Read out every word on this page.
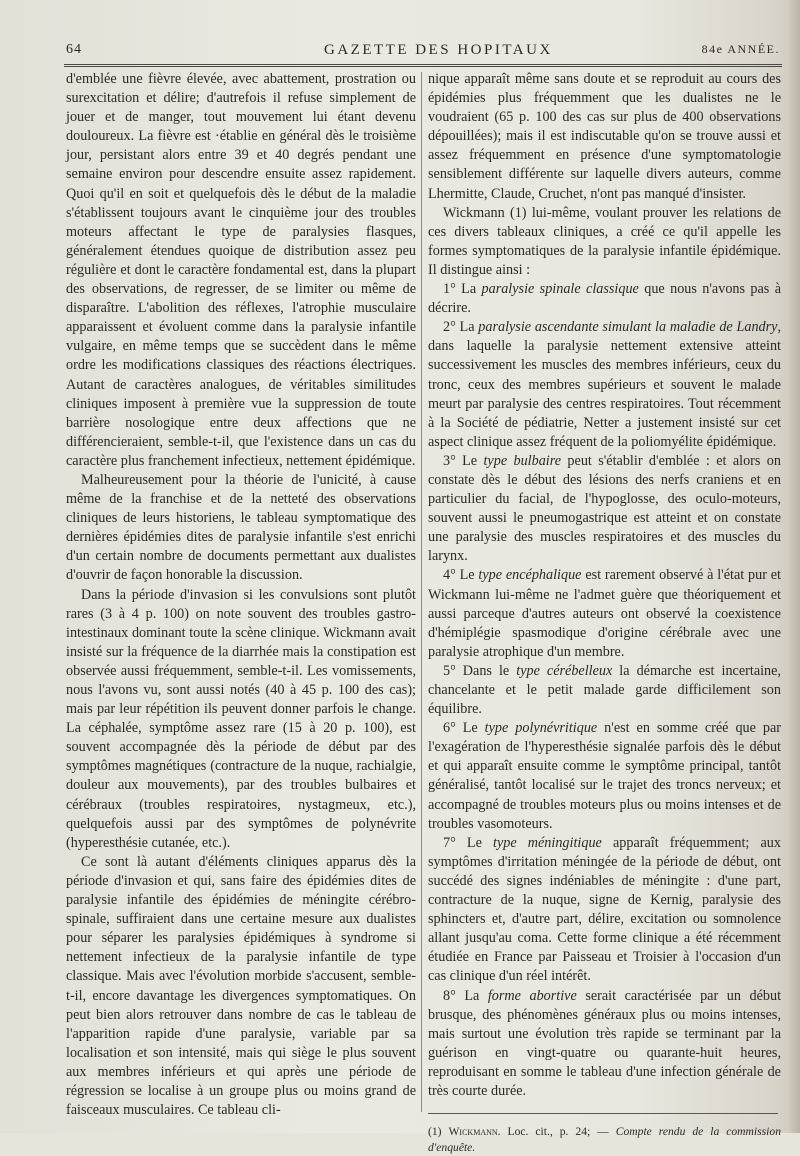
64	GAZETTE DES HOPITAUX	84e ANNÉE.

d'emblée une fièvre élevée, avec abattement, prostration ou surexcitation et délire; d'autrefois il refuse simplement de jouer et de manger, tout mouvement lui étant devenu douloureux. La fièvre est ·établie en général dès le troisième jour, persistant alors entre 39 et 40 degrés pendant une semaine environ pour descendre ensuite assez rapidement. Quoi qu'il en soit et quelquefois dès le début de la maladie s'établissent toujours avant le cinquième jour des troubles moteurs affectant le type de paralysies flasques, généralement étendues quoique de distribution assez peu régulière et dont le caractère fondamental est, dans la plupart des observations, de regresser, de se limiter ou même de disparaître. L'abolition des réflexes, l'atrophie musculaire apparaissent et évoluent comme dans la paralysie infantile vulgaire, en même temps que se succèdent dans le même ordre les modifications classiques des réactions électriques. Autant de caractères analogues, de véritables similitudes cliniques imposent à première vue la suppression de toute barrière nosologique entre deux affections que ne différencieraient, semble-t-il, que l'existence dans un cas du caractère plus franchement infectieux, nettement épidémique.

Malheureusement pour la théorie de l'unicité, à cause même de la franchise et de la netteté des observations cliniques de leurs historiens, le tableau symptomatique des dernières épidémies dites de paralysie infantile s'est enrichi d'un certain nombre de documents permettant aux dualistes d'ouvrir de façon honorable la discussion.

Dans la période d'invasion si les convulsions sont plutôt rares (3 à 4 p. 100) on note souvent des troubles gastro-intestinaux dominant toute la scène clinique. Wickmann avait insisté sur la fréquence de la diarrhée mais la constipation est observée aussi fréquemment, semble-t-il. Les vomissements, nous l'avons vu, sont aussi notés (40 à 45 p. 100 des cas); mais par leur répétition ils peuvent donner parfois le change. La céphalée, symptôme assez rare (15 à 20 p. 100), est souvent accompagnée dès la période de début par des symptômes magnétiques (contracture de la nuque, rachialgie, douleur aux mouvements), par des troubles bulbaires et cérébraux (troubles respiratoires, nystagmeux, etc.), quelquefois aussi par des symptômes de polynévrite (hyperesthésie cutanée, etc.).

Ce sont là autant d'éléments cliniques apparus dès la période d'invasion et qui, sans faire des épidémies dites de paralysie infantile des épidémies de méningite cérébro-spinale, suffiraient dans une certaine mesure aux dualistes pour séparer les paralysies épidémiques à syndrome si nettement infectieux de la paralysie infantile de type classique. Mais avec l'évolution morbide s'accusent, semble-t-il, encore davantage les divergences symptomatiques. On peut bien alors retrouver dans nombre de cas le tableau de l'apparition rapide d'une paralysie, variable par sa localisation et son intensité, mais qui siège le plus souvent aux membres inférieurs et qui après une période de régression se localise à un groupe plus ou moins grand de faisceaux musculaires. Ce tableau cli-

nique apparaît même sans doute et se reproduit au cours des épidémies plus fréquemment que les dualistes ne le voudraient (65 p. 100 des cas sur plus de 400 observations dépouillées); mais il est indiscutable qu'on se trouve aussi et assez fréquemment en présence d'une symptomatologie sensiblement différente sur laquelle divers auteurs, comme Lhermitte, Claude, Cruchet, n'ont pas manqué d'insister.

Wickmann (1) lui-même, voulant prouver les relations de ces divers tableaux cliniques, a créé ce qu'il appelle les formes symptomatiques de la paralysie infantile épidémique. Il distingue ainsi :

1° La paralysie spinale classique que nous n'avons pas à décrire.

2° La paralysie ascendante simulant la maladie de Landry, dans laquelle la paralysie nettement extensive atteint successivement les muscles des membres inférieurs, ceux du tronc, ceux des membres supérieurs et souvent le malade meurt par paralysie des centres respiratoires. Tout récemment à la Société de pédiatrie, Netter a justement insisté sur cet aspect clinique assez fréquent de la poliomyélite épidémique.

3° Le type bulbaire peut s'établir d'emblée : et alors on constate dès le début des lésions des nerfs craniens et en particulier du facial, de l'hypoglosse, des oculo-moteurs, souvent aussi le pneumogastrique est atteint et on constate une paralysie des muscles respiratoires et des muscles du larynx.

4° Le type encéphalique est rarement observé à l'état pur et Wickmann lui-même ne l'admet guère que théoriquement et aussi parceque d'autres auteurs ont observé la coexistence d'hémiplégie spasmodique d'origine cérébrale avec une paralysie atrophique d'un membre.

5° Dans le type cérébelleux la démarche est incertaine, chancelante et le petit malade garde difficilement son équilibre.

6° Le type polynévritique n'est en somme créé que par l'exagération de l'hyperesthésie signalée parfois dès le début et qui apparaît ensuite comme le symptôme principal, tantôt généralisé, tantôt localisé sur le trajet des troncs nerveux; et accompagné de troubles moteurs plus ou moins intenses et de troubles vasomoteurs.

7° Le type méningitique apparaît fréquemment; aux symptômes d'irritation méningée de la période de début, ont succédé des signes indéniables de méningite : d'une part, contracture de la nuque, signe de Kernig, paralysie des sphincters et, d'autre part, délire, excitation ou somnolence allant jusqu'au coma. Cette forme clinique a été récemment étudiée en France par Paisseau et Troisier à l'occasion d'un cas clinique d'un réel intérêt.

8° La forme abortive serait caractérisée par un début brusque, des phénomènes généraux plus ou moins intenses, mais surtout une évolution très rapide se terminant par la guérison en vingt-quatre ou quarante-huit heures, reproduisant en somme le tableau d'une infection générale de très courte durée.

(1) Wickmann. Loc. cit., p. 24; — Compte rendu de la commission d'enquête.
